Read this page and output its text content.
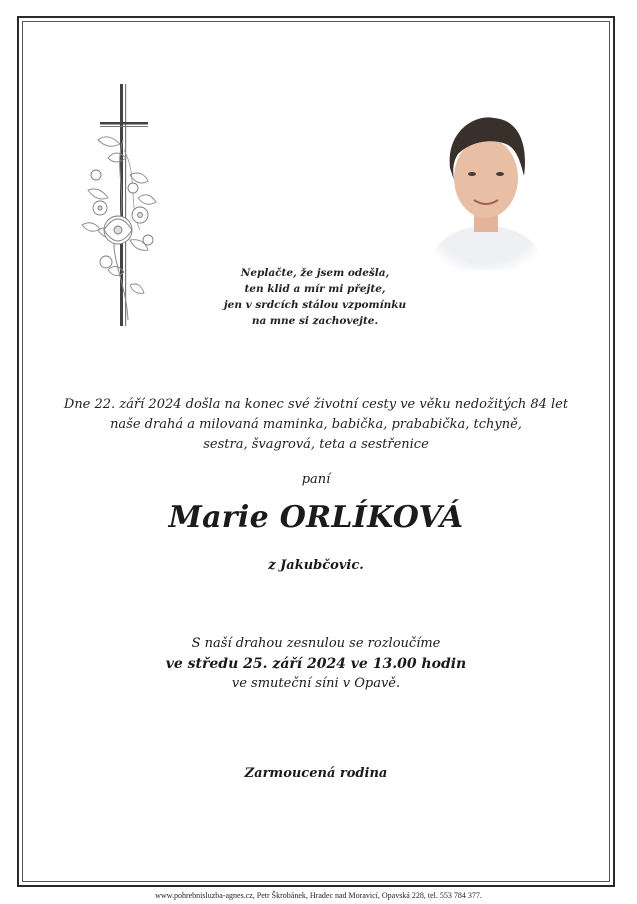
Neplačte, že jsem odešla,
ten klid a mír mi přejte,
jen v srdcích stálou vzpomínku
na mne si zachovejte.
Dne 22. září 2024 došla na konec své životní cesty ve věku nedožitých 84 let
naše drahá a milovaná maminka, babička, prababička, tchyně,
sestra, švagrová, teta a sestřenice
paní
Marie ORLÍKOVÁ
z Jakubčovic.
S naší drahou zesnulou se rozloučíme
ve středu 25. září 2024 ve 13.00 hodin
ve smuteční síni v Opavě.
Zarmoucená rodina
www.pohrebnisluzba-agnes.cz, Petr Škrobánek, Hradec nad Moravicí, Opavská 228, tel. 553 784 377.
